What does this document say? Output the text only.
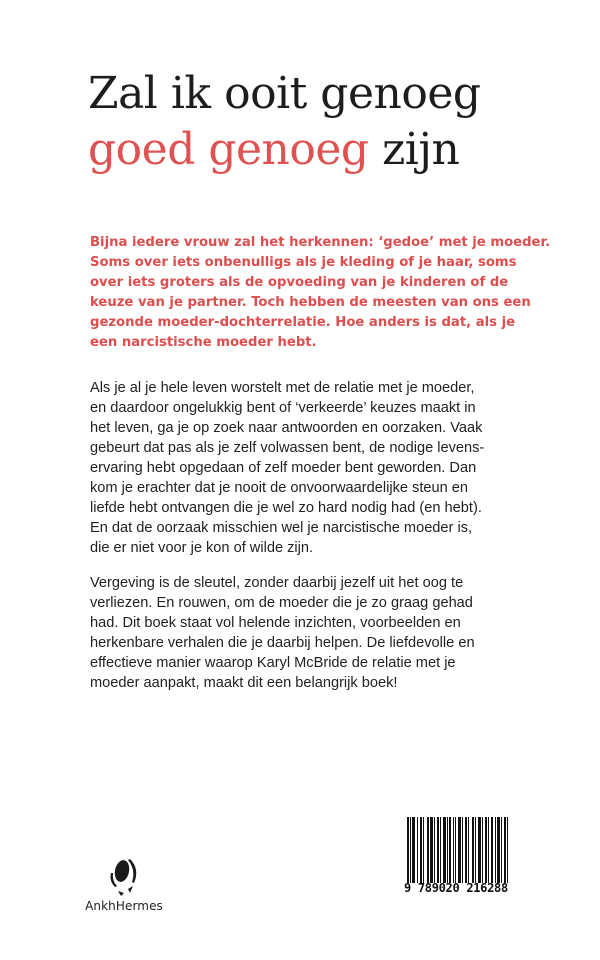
Zal ik ooit genoeg
goed genoeg zijn
Bijna iedere vrouw zal het herkennen: ‘gedoe’ met je moeder.
Soms over iets onbenulligs als je kleding of je haar, soms
over iets groters als de opvoeding van je kinderen of de
keuze van je partner. Toch hebben de meesten van ons een
gezonde moeder-dochterrelatie. Hoe anders is dat, als je
een narcistische moeder hebt.
Als je al je hele leven worstelt met de relatie met je moeder,
en daardoor ongelukkig bent of ‘verkeerde’ keuzes maakt in
het leven, ga je op zoek naar antwoorden en oorzaken. Vaak
gebeurt dat pas als je zelf volwassen bent, de nodige levens-
ervaring hebt opgedaan of zelf moeder bent geworden. Dan
kom je erachter dat je nooit de onvoorwaardelijke steun en
liefde hebt ontvangen die je wel zo hard nodig had (en hebt).
En dat de oorzaak misschien wel je narcistische moeder is,
die er niet voor je kon of wilde zijn.
Vergeving is de sleutel, zonder daarbij jezelf uit het oog te
verliezen. En rouwen, om de moeder die je zo graag gehad
had. Dit boek staat vol helende inzichten, voorbeelden en
herkenbare verhalen die je daarbij helpen. De liefdevolle en
effectieve manier waarop Karyl McBride de relatie met je
moeder aanpakt, maakt dit een belangrijk boek!
AnkhHermes
9 789020 216288
